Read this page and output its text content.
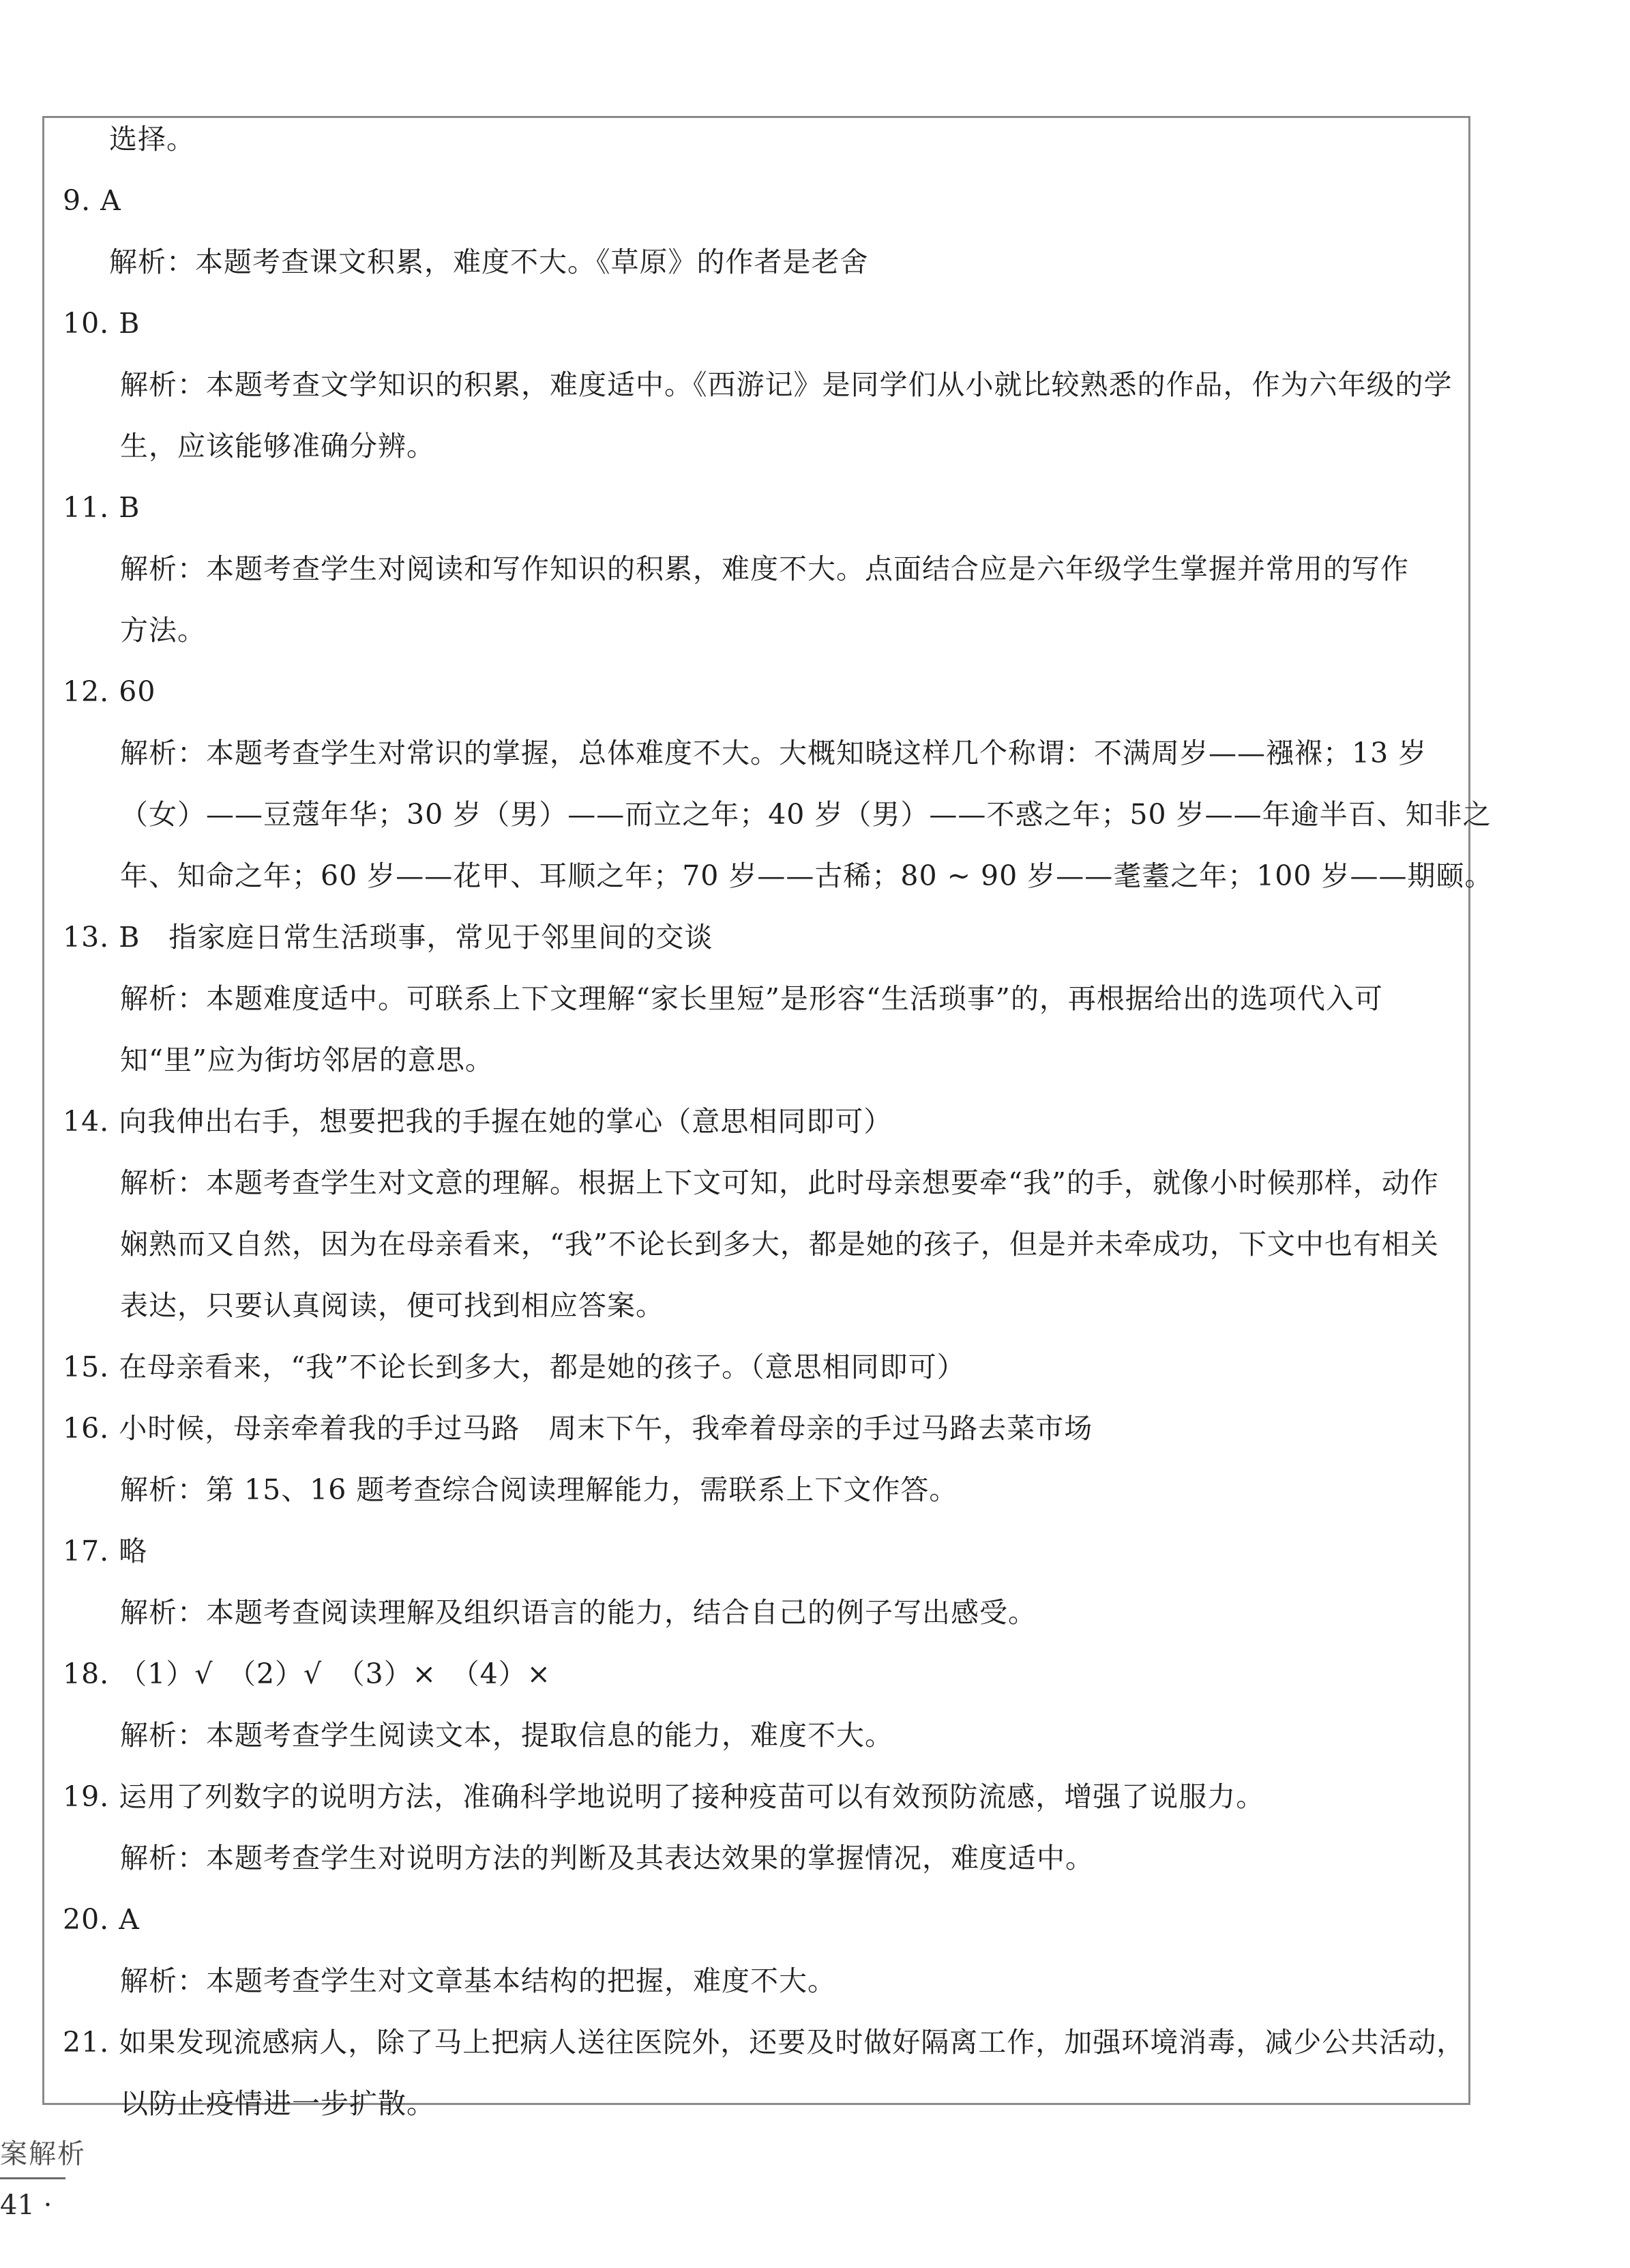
选择。
9. A
解析：本题考查课文积累，难度不大。《草原》的作者是老舍
10. B
解析：本题考查文学知识的积累，难度适中。《西游记》是同学们从小就比较熟悉的作品，作为六年级的学
生，应该能够准确分辨。
11. B
解析：本题考查学生对阅读和写作知识的积累，难度不大。点面结合应是六年级学生掌握并常用的写作
方法。
12. 60
解析：本题考查学生对常识的掌握，总体难度不大。大概知晓这样几个称谓：不满周岁——襁褓；13 岁
（女）——豆蔻年华；30 岁（男）——而立之年；40 岁（男）——不惑之年；50 岁——年逾半百、知非之
年、知命之年；60 岁——花甲、耳顺之年；70 岁——古稀；80 ~ 90 岁——耄耋之年；100 岁——期颐。
13. B　指家庭日常生活琐事，常见于邻里间的交谈
解析：本题难度适中。可联系上下文理解“家长里短”是形容“生活琐事”的，再根据给出的选项代入可
知“里”应为街坊邻居的意思。
14. 向我伸出右手，想要把我的手握在她的掌心（意思相同即可）
解析：本题考查学生对文意的理解。根据上下文可知，此时母亲想要牵“我”的手，就像小时候那样，动作
娴熟而又自然，因为在母亲看来，“我”不论长到多大，都是她的孩子，但是并未牵成功，下文中也有相关
表达，只要认真阅读，便可找到相应答案。
15. 在母亲看来，“我”不论长到多大，都是她的孩子。（意思相同即可）
16. 小时候，母亲牵着我的手过马路　周末下午，我牵着母亲的手过马路去菜市场
解析：第 15、16 题考查综合阅读理解能力，需联系上下文作答。
17. 略
解析：本题考查阅读理解及组织语言的能力，结合自己的例子写出感受。
18. （1）√　（2）√　（3）×　（4）×
解析：本题考查学生阅读文本，提取信息的能力，难度不大。
19. 运用了列数字的说明方法，准确科学地说明了接种疫苗可以有效预防流感，增强了说服力。
解析：本题考查学生对说明方法的判断及其表达效果的掌握情况，难度适中。
20. A
解析：本题考查学生对文章基本结构的把握，难度不大。
21. 如果发现流感病人，除了马上把病人送往医院外，还要及时做好隔离工作，加强环境消毒，减少公共活动，
以防止疫情进一步扩散。
案解析
41 ·
